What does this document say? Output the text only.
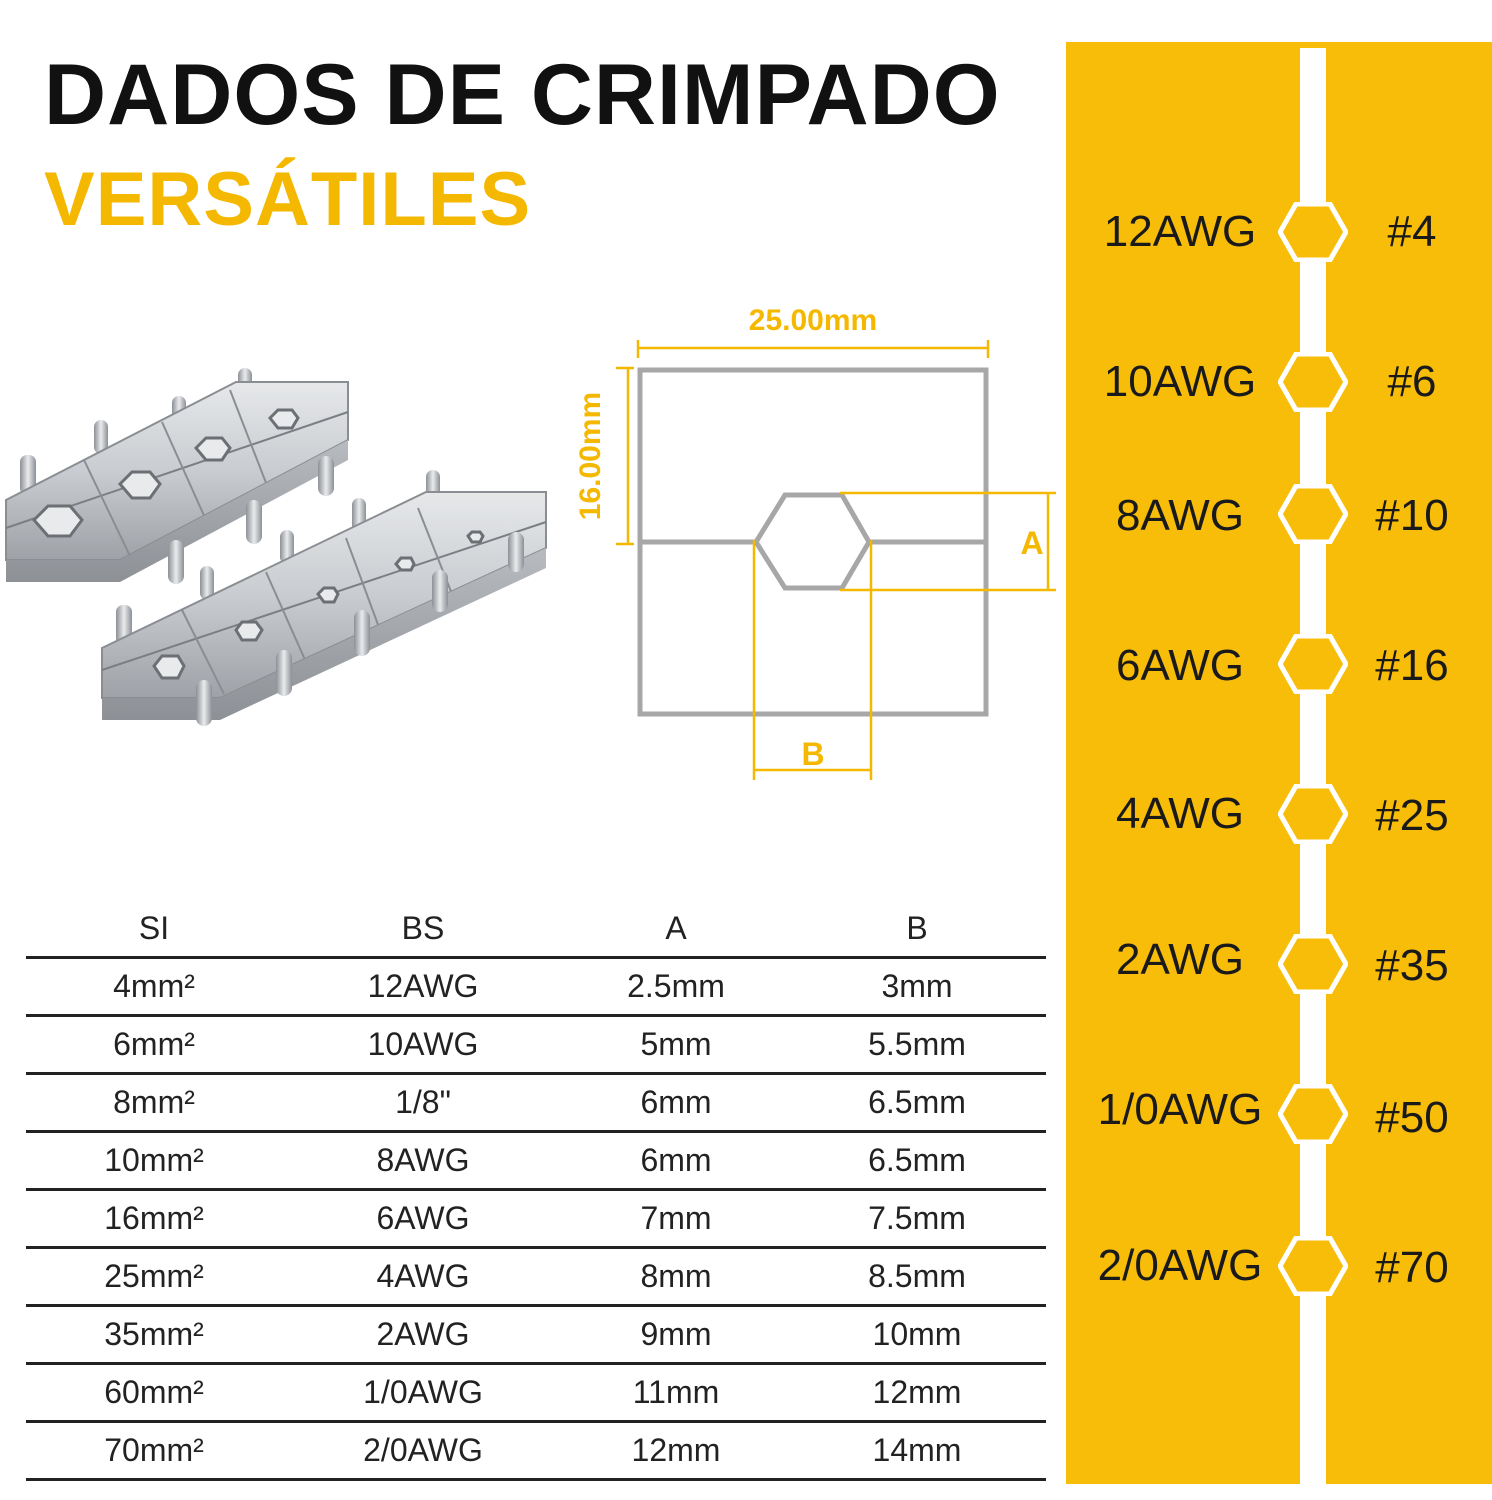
DADOS DE CRIMPADO
VERSÁTILES
25.00mm
16.00mm
A
B
SI	BS	A	B
4mm²	12AWG	2.5mm	3mm
6mm²	10AWG	5mm	5.5mm
8mm²	1/8"	6mm	6.5mm
10mm²	8AWG	6mm	6.5mm
16mm²	6AWG	7mm	7.5mm
25mm²	4AWG	8mm	8.5mm
35mm²	2AWG	9mm	10mm
60mm²	1/0AWG	11mm	12mm
70mm²	2/0AWG	12mm	14mm
12AWG	#4
10AWG	#6
8AWG	#10
6AWG	#16
4AWG	#25
2AWG	#35
1/0AWG	#50
2/0AWG	#70
